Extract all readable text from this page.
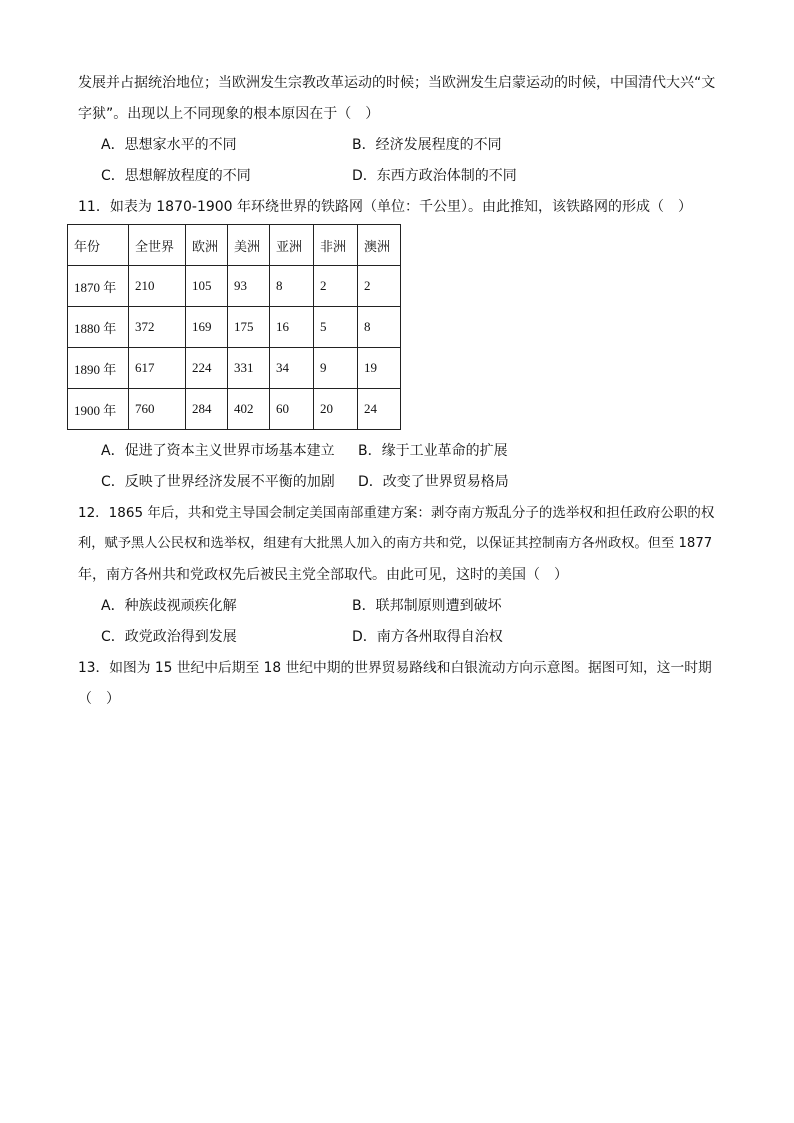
发展并占据统治地位；当欧洲发生宗教改革运动的时候；当欧洲发生启蒙运动的时候，中国清代大兴“文
字狱”。出现以上不同现象的根本原因在于（　）
A．思想家水平的不同	B．经济发展程度的不同
C．思想解放程度的不同	D．东西方政治体制的不同
11．如表为 1870-1900 年环绕世界的铁路网（单位：千公里）。由此推知，该铁路网的形成（　）
年份	全世界	欧洲	美洲	亚洲	非洲	澳洲
1870 年	210	105	93	8	2	2
1880 年	372	169	175	16	5	8
1890 年	617	224	331	34	9	19
1900 年	760	284	402	60	20	24
A．促进了资本主义世界市场基本建立 B．缘于工业革命的扩展
C．反映了世界经济发展不平衡的加剧 D．改变了世界贸易格局
12．1865 年后，共和党主导国会制定美国南部重建方案：剥夺南方叛乱分子的选举权和担任政府公职的权
利，赋予黑人公民权和选举权，组建有大批黑人加入的南方共和党，以保证其控制南方各州政权。但至 1877
年，南方各州共和党政权先后被民主党全部取代。由此可见，这时的美国（　）
A．种族歧视顽疾化解	B．联邦制原则遭到破坏
C．政党政治得到发展	D．南方各州取得自治权
13．如图为 15 世纪中后期至 18 世纪中期的世界贸易路线和白银流动方向示意图。据图可知，这一时期
（　）
